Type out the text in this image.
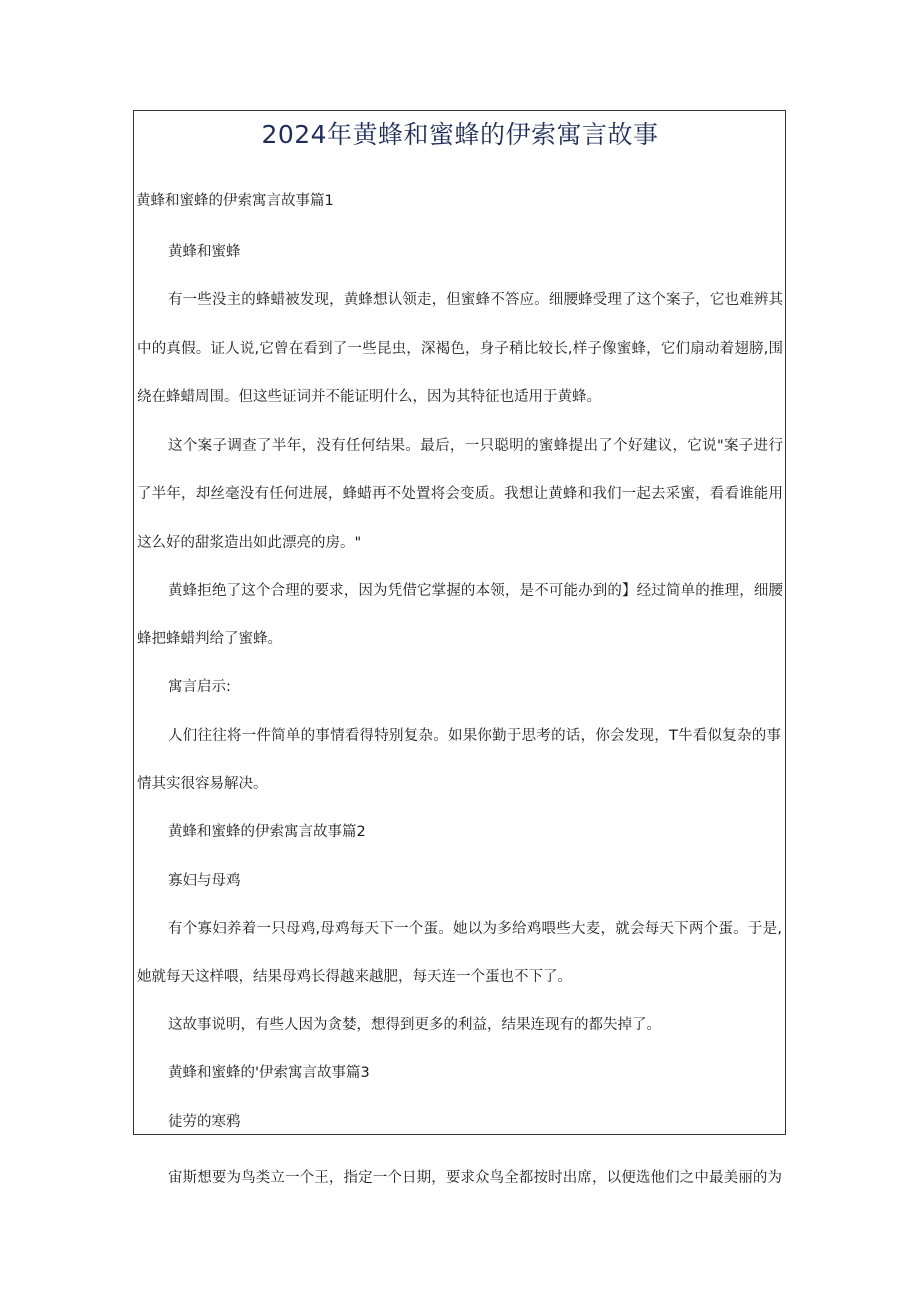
2024年黄蜂和蜜蜂的伊索寓言故事
黄蜂和蜜蜂的伊索寓言故事篇1
黄蜂和蜜蜂
有一些没主的蜂蜡被发现，黄蜂想认领走，但蜜蜂不答应。细腰蜂受理了这个案子，它也难辨其
中的真假。证人说,它曾在看到了一些昆虫，深褐色，身子稍比较长,样子像蜜蜂，它们扇动着翅膀,围
绕在蜂蜡周围。但这些证词并不能证明什么，因为其特征也适用于黄蜂。
这个案子调查了半年，没有任何结果。最后，一只聪明的蜜蜂提出了个好建议，它说"案子进行
了半年，却丝毫没有任何进展，蜂蜡再不处置将会变质。我想让黄蜂和我们一起去采蜜，看看谁能用
这么好的甜浆造出如此漂亮的房。"
黄蜂拒绝了这个合理的要求，因为凭借它掌握的本领，是不可能办到的】经过简单的推理，细腰
蜂把蜂蜡判给了蜜蜂。
寓言启示:
人们往往将一件简单的事情看得特别复杂。如果你勤于思考的话，你会发现，T牛看似复杂的事
情其实很容易解决。
黄蜂和蜜蜂的伊索寓言故事篇2
寡妇与母鸡
有个寡妇养着一只母鸡,母鸡每天下一个蛋。她以为多给鸡喂些大麦，就会每天下两个蛋。于是,
她就每天这样喂，结果母鸡长得越来越肥，每天连一个蛋也不下了。
这故事说明，有些人因为贪婪，想得到更多的利益，结果连现有的都失掉了。
黄蜂和蜜蜂的'伊索寓言故事篇3
徒劳的寒鸦
宙斯想要为鸟类立一个王，指定一个日期，要求众鸟全都按时出席，以便选他们之中最美丽的为
